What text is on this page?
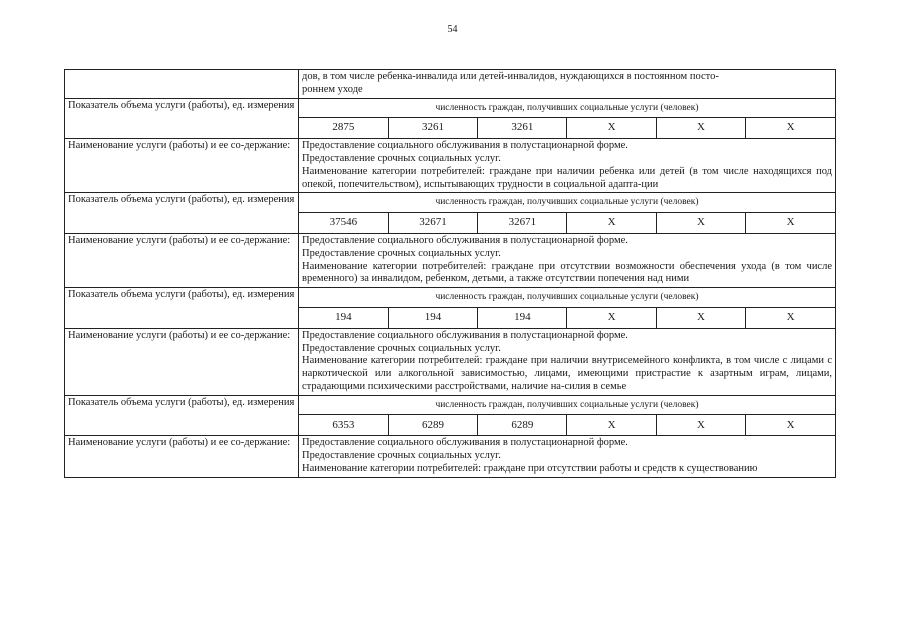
54

дов, в том числе ребенка-инвалида или детей-инвалидов, нуждающихся в постоянном посто-
роннем уходе

Показатель объема услуги (работы), ед. измерения	численность граждан, получивших социальные услуги (человек)
2875	3261	3261	X	X	X

Наименование услуги (работы) и ее со-держание:	Предоставление социального обслуживания в полустационарной форме.
Предоставление срочных социальных услуг.
Наименование категории потребителей: граждане при наличии ребенка или детей (в том числе находящихся под опекой, попечительством), испытывающих трудности в социальной адапта-ции

Показатель объема услуги (работы), ед. измерения	численность граждан, получивших социальные услуги (человек)
37546	32671	32671	X	X	X

Наименование услуги (работы) и ее со-держание:	Предоставление социального обслуживания в полустационарной форме.
Предоставление срочных социальных услуг.
Наименование категории потребителей: граждане при отсутствии возможности обеспечения ухода (в том числе временного) за инвалидом, ребенком, детьми, а также отсутствии попечения над ними

Показатель объема услуги (работы), ед. измерения	численность граждан, получивших социальные услуги (человек)
194	194	194	X	X	X

Наименование услуги (работы) и ее со-держание:	Предоставление социального обслуживания в полустационарной форме.
Предоставление срочных социальных услуг.
Наименование категории потребителей: граждане при наличии внутрисемейного конфликта, в том числе с лицами с наркотической или алкогольной зависимостью, лицами, имеющими пристрастие к азартным играм, лицами, страдающими психическими расстройствами, наличие на-силия в семье

Показатель объема услуги (работы), ед. измерения	численность граждан, получивших социальные услуги (человек)
6353	6289	6289	X	X	X

Наименование услуги (работы) и ее со-держание:	Предоставление социального обслуживания в полустационарной форме.
Предоставление срочных социальных услуг.
Наименование категории потребителей: граждане при отсутствии работы и средств к существованию
